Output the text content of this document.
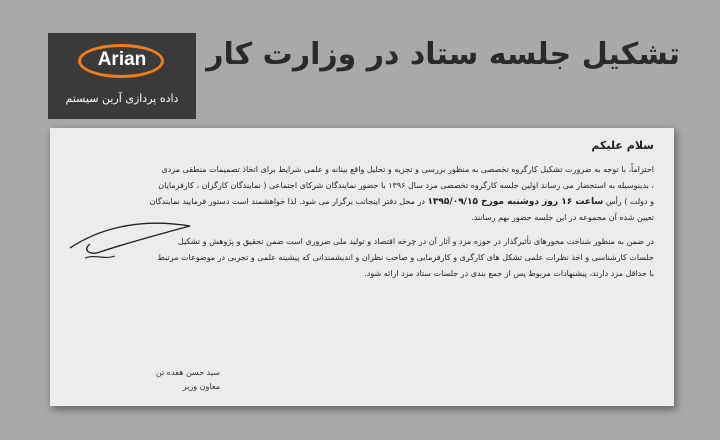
تشکیل جلسه ستاد در وزارت کار
Arian
داده پردازی آرین سیستم
سلام علیکم

احتراماً، با توجه به ضرورت تشکیل کارگروه تخصصی به منظور بررسی و تجزیه و تحلیل واقع بینانه و علمی شرایط برای اتخاذ تصمیمات منطقی مزدی
، بدینوسیله به استحضار می رساند اولین جلسه کارگروه تخصصی مزد سال ۱۳۹۶ با حضور نمایندگان شرکای اجتماعی ( نمایندگان کارگران ، کارفرمایان
و دولت ) رأس ساعت ۱۶ روز دوشنبه مورخ ۱۳۹۵/۰۹/۱۵ در محل دفتر اینجانب برگزار می شود. لذا خواهشمند است دستور فرمایید نمایندگان
تعیین شده آن مجموعه در این جلسه حضور بهم رسانند.

در ضمن به منظور شناخت محورهای تأثیرگذار در حوزه مزد و آثار آن در چرخه اقتصاد و تولید ملی ضروری است ضمن تحقیق و پژوهش و تشکیل
جلسات کارشناسی و اخذ نظرات علمی تشکل های کارگری و کارفرمایی و صاحب نظران و اندیشمندانی که پیشینه علمی و تجربی در موضوعات مرتبط
با حداقل مزد دارند، پیشنهادات مربوط پس از جمع بندی در جلسات ستاد مزد ارائه شود.

سید حسن هفده تن
معاون وزیر
